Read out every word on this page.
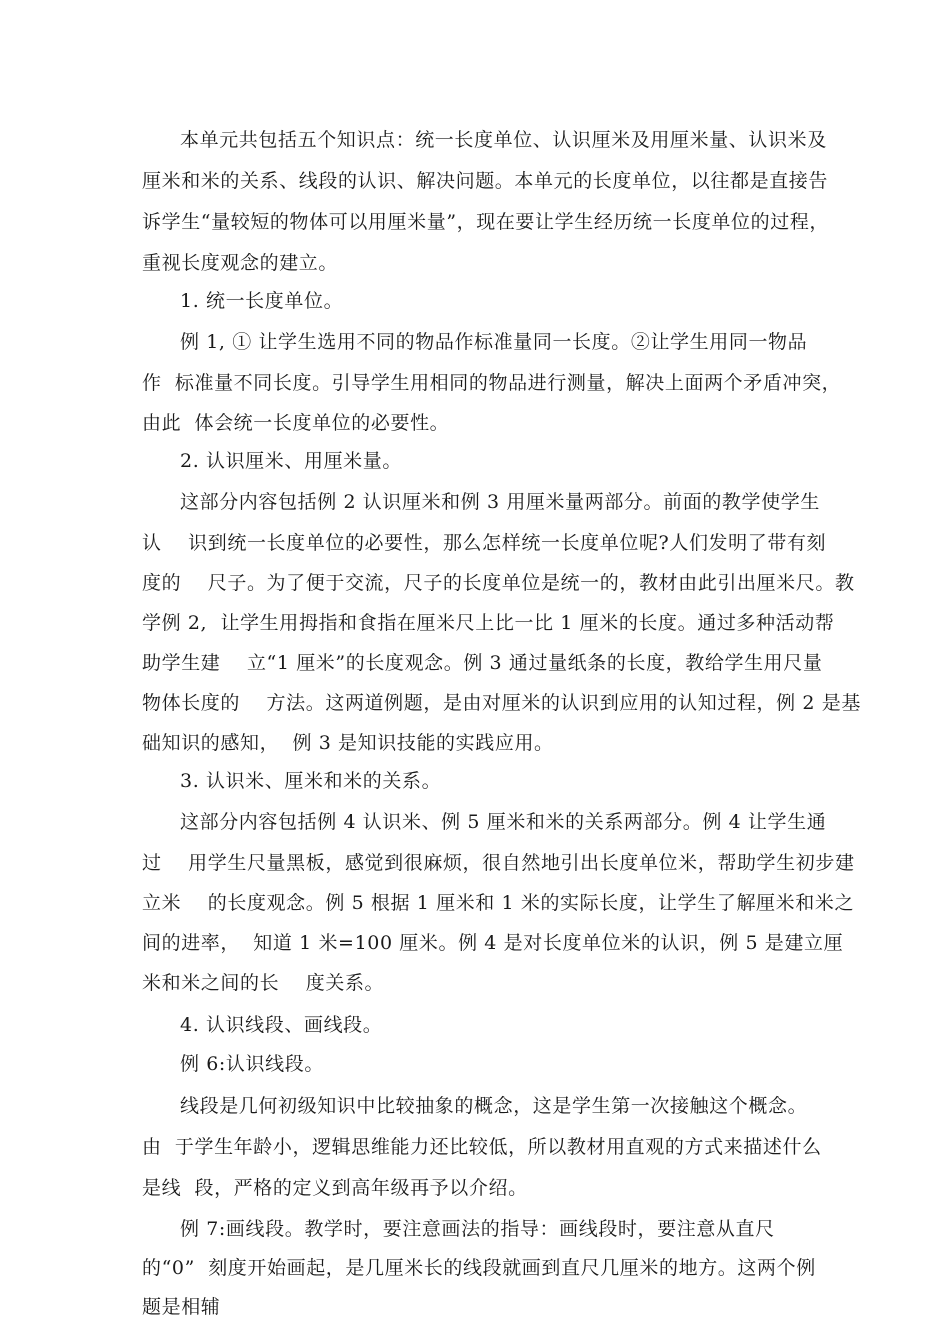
本单元共包括五个知识点：统一长度单位、认识厘米及用厘米量、认识米及
厘米和米的关系、线段的认识、解决问题。本单元的长度单位，以往都是直接告
诉学生“量较短的物体可以用厘米量”，现在要让学生经历统一长度单位的过程，
重视长度观念的建立。
1. 统一长度单位。
例 1, ① 让学生选用不同的物品作标准量同一长度。②让学生用同一物品
作  标准量不同长度。引导学生用相同的物品进行测量，解决上面两个矛盾冲突，
由此  体会统一长度单位的必要性。
2. 认识厘米、用厘米量。
这部分内容包括例 2 认识厘米和例 3 用厘米量两部分。前面的教学使学生
认    识到统一长度单位的必要性，那么怎样统一长度单位呢?人们发明了带有刻
度的    尺子。为了便于交流，尺子的长度单位是统一的，教材由此引出厘米尺。教
学例 2,  让学生用拇指和食指在厘米尺上比一比 1 厘米的长度。通过多种活动帮
助学生建    立“1 厘米”的长度观念。例 3 通过量纸条的长度，教给学生用尺量
物体长度的    方法。这两道例题，是由对厘米的认识到应用的认知过程，例 2 是基
础知识的感知，  例 3 是知识技能的实践应用。
3. 认识米、厘米和米的关系。
这部分内容包括例 4 认识米、例 5 厘米和米的关系两部分。例 4 让学生通
过    用学生尺量黑板，感觉到很麻烦，很自然地引出长度单位米，帮助学生初步建
立米    的长度观念。例 5 根据 1 厘米和 1 米的实际长度，让学生了解厘米和米之
间的进率，  知道 1 米=100 厘米。例 4 是对长度单位米的认识，例 5 是建立厘
米和米之间的长    度关系。
4. 认识线段、画线段。
例 6:认识线段。
线段是几何初级知识中比较抽象的概念，这是学生第一次接触这个概念。
由  于学生年龄小，逻辑思维能力还比较低，所以教材用直观的方式来描述什么
是线  段，严格的定义到高年级再予以介绍。
例 7:画线段。教学时，要注意画法的指导：画线段时，要注意从直尺
的“0”  刻度开始画起，是几厘米长的线段就画到直尺几厘米的地方。这两个例
题是相辅
